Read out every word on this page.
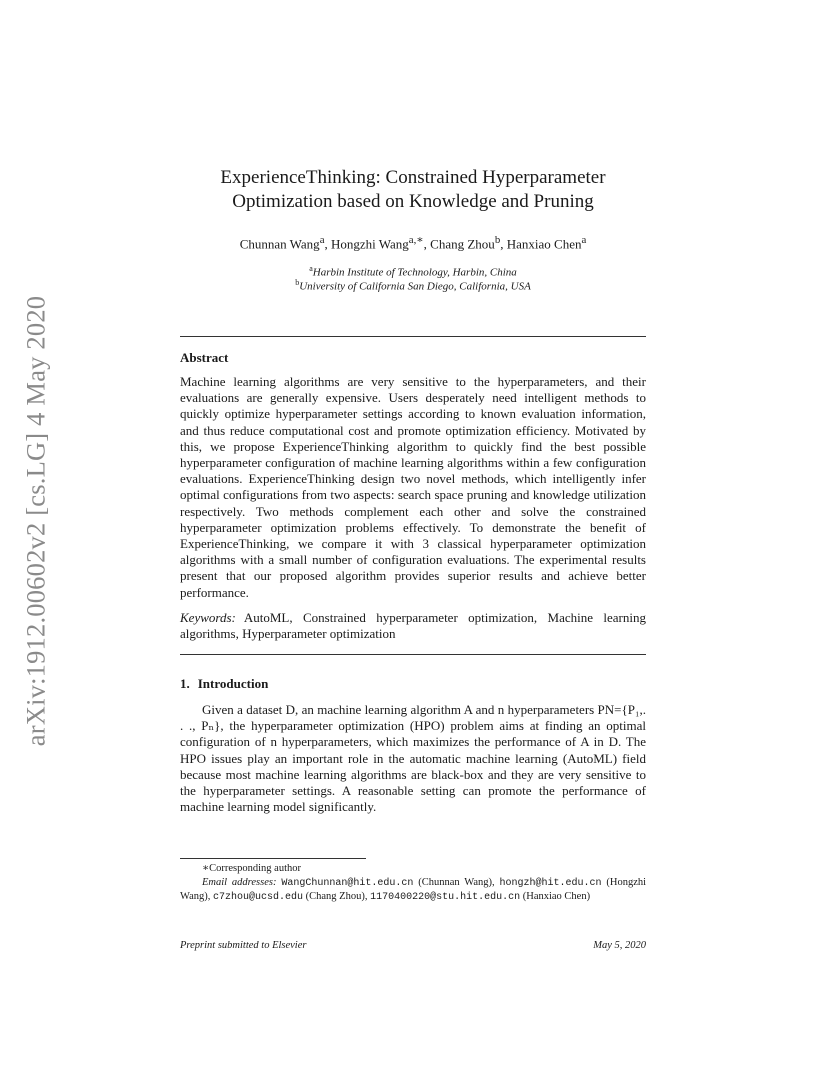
arXiv:1912.00602v2 [cs.LG] 4 May 2020
ExperienceThinking: Constrained Hyperparameter
Optimization based on Knowledge and Pruning
Chunnan Wang$^a$, Hongzhi Wang$^{a,∗}$, Chang Zhou$^b$, Hanxiao Chen$^a$
$^a$Harbin Institute of Technology, Harbin, China
$^b$University of California San Diego, California, USA
Abstract
Machine learning algorithms are very sensitive to the hyperparameters, and their evaluations are generally expensive. Users desperately need intelligent methods to quickly optimize hyperparameter settings according to known evaluation information, and thus reduce computational cost and promote optimization efficiency. Motivated by this, we propose ExperienceThinking algorithm to quickly find the best possible hyperparameter configuration of machine learning algorithms within a few configuration evaluations. ExperienceThinking design two novel methods, which intelligently infer optimal configurations from two aspects: search space pruning and knowledge utilization respectively. Two methods complement each other and solve the constrained hyperparameter optimization problems effectively. To demonstrate the benefit of ExperienceThinking, we compare it with 3 classical hyperparameter optimization algorithms with a small number of configuration evaluations. The experimental results present that our proposed algorithm provides superior results and achieve better performance.
Keywords: AutoML, Constrained hyperparameter optimization, Machine learning algorithms, Hyperparameter optimization
1. Introduction
Given a dataset D, an machine learning algorithm A and n hyperparameters PN={P₁,. . ., Pₙ}, the hyperparameter optimization (HPO) problem aims at finding an optimal configuration of n hyperparameters, which maximizes the performance of A in D. The HPO issues play an important role in the automatic machine learning (AutoML) field because most machine learning algorithms are black-box and they are very sensitive to the hyperparameter settings. A reasonable setting can promote the performance of machine learning model significantly.
∗Corresponding author
Email addresses: WangChunnan@hit.edu.cn (Chunnan Wang), hongzh@hit.edu.cn (Hongzhi Wang), c7zhou@ucsd.edu (Chang Zhou), 1170400220@stu.hit.edu.cn (Hanxiao Chen)
Preprint submitted to Elsevier	May 5, 2020
